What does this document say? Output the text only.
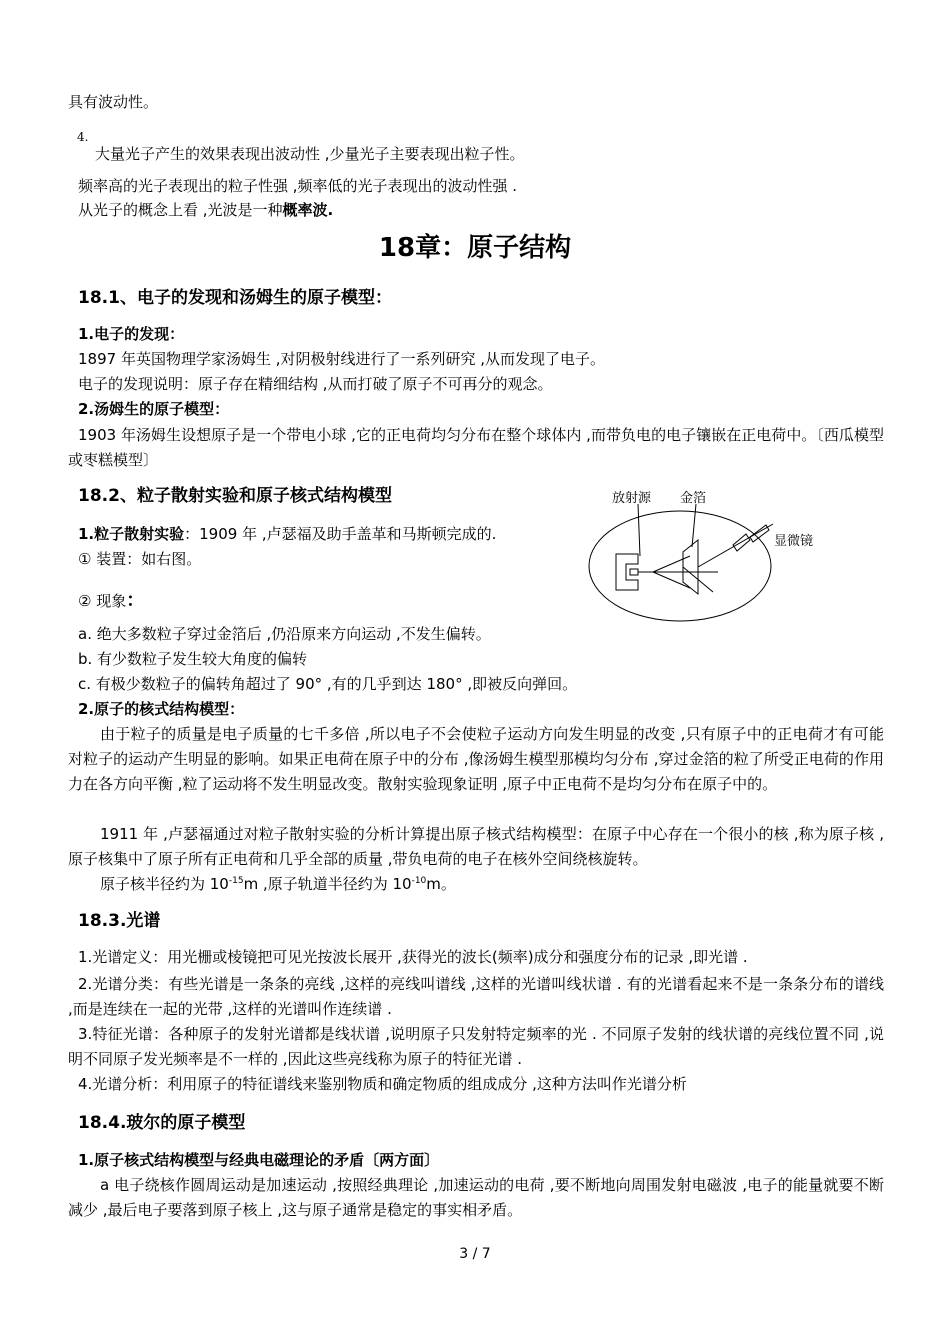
具有波动性。
4.
大量光子产生的效果表现出波动性 ,少量光子主要表现出粒子性。
频率高的光子表现出的粒子性强 ,频率低的光子表现出的波动性强 .
从光子的概念上看 ,光波是一种概率波.
18章：原子结构
18.1、电子的发现和汤姆生的原子模型：
1.电子的发现：
1897 年英国物理学家汤姆生 ,对阴极射线进行了一系列研究 ,从而发现了电子。
电子的发现说明：原子存在精细结构 ,从而打破了原子不可再分的观念。
2.汤姆生的原子模型：
1903 年汤姆生设想原子是一个带电小球 ,它的正电荷均匀分布在整个球体内 ,而带负电的电子镶嵌在正电荷中。〔西瓜模型或枣糕模型〕
18.2、粒子散射实验和原子核式结构模型
1.粒子散射实验：1909 年 ,卢瑟福及助手盖革和马斯顿完成的.
① 装置：如右图。
② 现象：
a. 绝大多数粒子穿过金箔后 ,仍沿原来方向运动 ,不发生偏转。
b. 有少数粒子发生较大角度的偏转
c. 有极少数粒子的偏转角超过了 90° ,有的几乎到达 180° ,即被反向弹回。
2.原子的核式结构模型：
由于粒子的质量是电子质量的七千多倍 ,所以电子不会使粒子运动方向发生明显的改变 ,只有原子中的正电荷才有可能对粒子的运动产生明显的影响。如果正电荷在原子中的分布 ,像汤姆生模型那模均匀分布 ,穿过金箔的粒了所受正电荷的作用力在各方向平衡 ,粒了运动将不发生明显改变。散射实验现象证明 ,原子中正电荷不是均匀分布在原子中的。
1911 年 ,卢瑟福通过对粒子散射实验的分析计算提出原子核式结构模型：在原子中心存在一个很小的核 ,称为原子核 ,原子核集中了原子所有正电荷和几乎全部的质量 ,带负电荷的电子在核外空间绕核旋转。
原子核半径约为 $10^{-15}m$ ,原子轨道半径约为 $10^{-10}m$。
放射源 金箔
显微镜
18.3.光谱
1.光谱定义：用光栅或棱镜把可见光按波长展开 ,获得光的波长(频率)成分和强度分布的记录 ,即光谱 .
2.光谱分类：有些光谱是一条条的亮线 ,这样的亮线叫谱线 ,这样的光谱叫线状谱 . 有的光谱看起来不是一条条分布的谱线 ,而是连续在一起的光带 ,这样的光谱叫作连续谱 .
3.特征光谱：各种原子的发射光谱都是线状谱 ,说明原子只发射特定频率的光 . 不同原子发射的线状谱的亮线位置不同 ,说明不同原子发光频率是不一样的 ,因此这些亮线称为原子的特征光谱 .
4.光谱分析：利用原子的特征谱线来鉴别物质和确定物质的组成成分 ,这种方法叫作光谱分析
18.4.玻尔的原子模型
1.原子核式结构模型与经典电磁理论的矛盾〔两方面〕
a 电子绕核作圆周运动是加速运动 ,按照经典理论 ,加速运动的电荷 ,要不断地向周围发射电磁波 ,电子的能量就要不断减少 ,最后电子要落到原子核上 ,这与原子通常是稳定的事实相矛盾。
3 / 7
